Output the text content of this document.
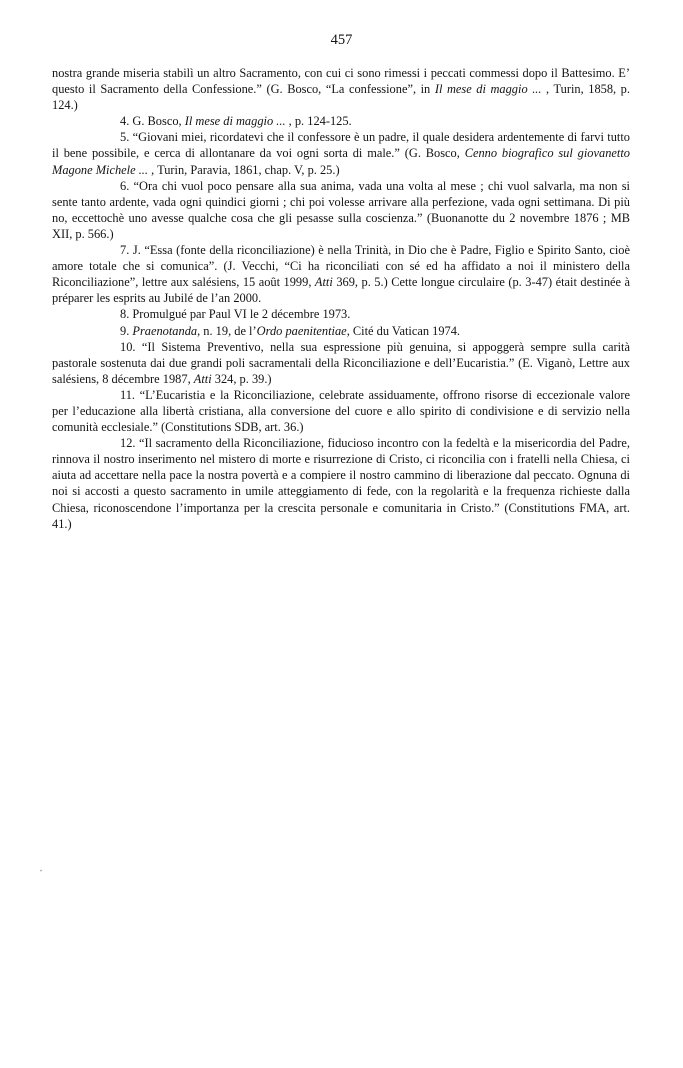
457

nostra grande miseria stabilì un altro Sacramento, con cui ci sono rimessi i peccati commessi dopo il Battesimo. E’ questo il Sacramento della Confessione.” (G. Bosco, “La confessione”, in Il mese di maggio ... , Turin, 1858, p. 124.)

4. G. Bosco, Il mese di maggio ... , p. 124-125.

5. “Giovani miei, ricordatevi che il confessore è un padre, il quale desidera ardentemente di farvi tutto il bene possibile, e cerca di allontanare da voi ogni sorta di male.” (G. Bosco, Cenno biografico sul giovanetto Magone Michele ... , Turin, Paravia, 1861, chap. V, p. 25.)

6. “Ora chi vuol poco pensare alla sua anima, vada una volta al mese ; chi vuol salvarla, ma non si sente tanto ardente, vada ogni quindici giorni ; chi poi volesse arrivare alla perfezione, vada ogni settimana. Di più no, eccettochè uno avesse qualche cosa che gli pesasse sulla coscienza.” (Buonanotte du 2 novembre 1876 ; MB XII, p. 566.)

7. J. “Essa (fonte della riconciliazione) è nella Trinità, in Dio che è Padre, Figlio e Spirito Santo, cioè amore totale che si comunica”. (J. Vecchi, “Ci ha riconciliati con sé ed ha affidato a noi il ministero della Riconciliazione”, lettre aux salésiens, 15 août 1999, Atti 369, p. 5.) Cette longue circulaire (p. 3-47) était destinée à préparer les esprits au Jubilé de l’an 2000.

8. Promulgué par Paul VI le 2 décembre 1973.

9. Praenotanda, n. 19, de l’Ordo paenitentiae, Cité du Vatican 1974.

10. “Il Sistema Preventivo, nella sua espressione più genuina, si appoggerà sempre sulla carità pastorale sostenuta dai due grandi poli sacramentali della Riconciliazione e dell’Eucaristia.” (E. Viganò, Lettre aux salésiens, 8 décembre 1987, Atti 324, p. 39.)

11. “L’Eucaristia e la Riconciliazione, celebrate assiduamente, offrono risorse di eccezionale valore per l’educazione alla libertà cristiana, alla conversione del cuore e allo spirito di condivisione e di servizio nella comunità ecclesiale.” (Constitutions SDB, art. 36.)

12. “Il sacramento della Riconciliazione, fiducioso incontro con la fedeltà e la misericordia del Padre, rinnova il nostro inserimento nel mistero di morte e risurrezione di Cristo, ci riconcilia con i fratelli nella Chiesa, ci aiuta ad accettare nella pace la nostra povertà e a compiere il nostro cammino di liberazione dal peccato. Ognuna di noi si accosti a questo sacramento in umile atteggiamento di fede, con la regolarità e la frequenza richieste dalla Chiesa, riconoscendone l’importanza per la crescita personale e comunitaria in Cristo.” (Constitutions FMA, art. 41.)
